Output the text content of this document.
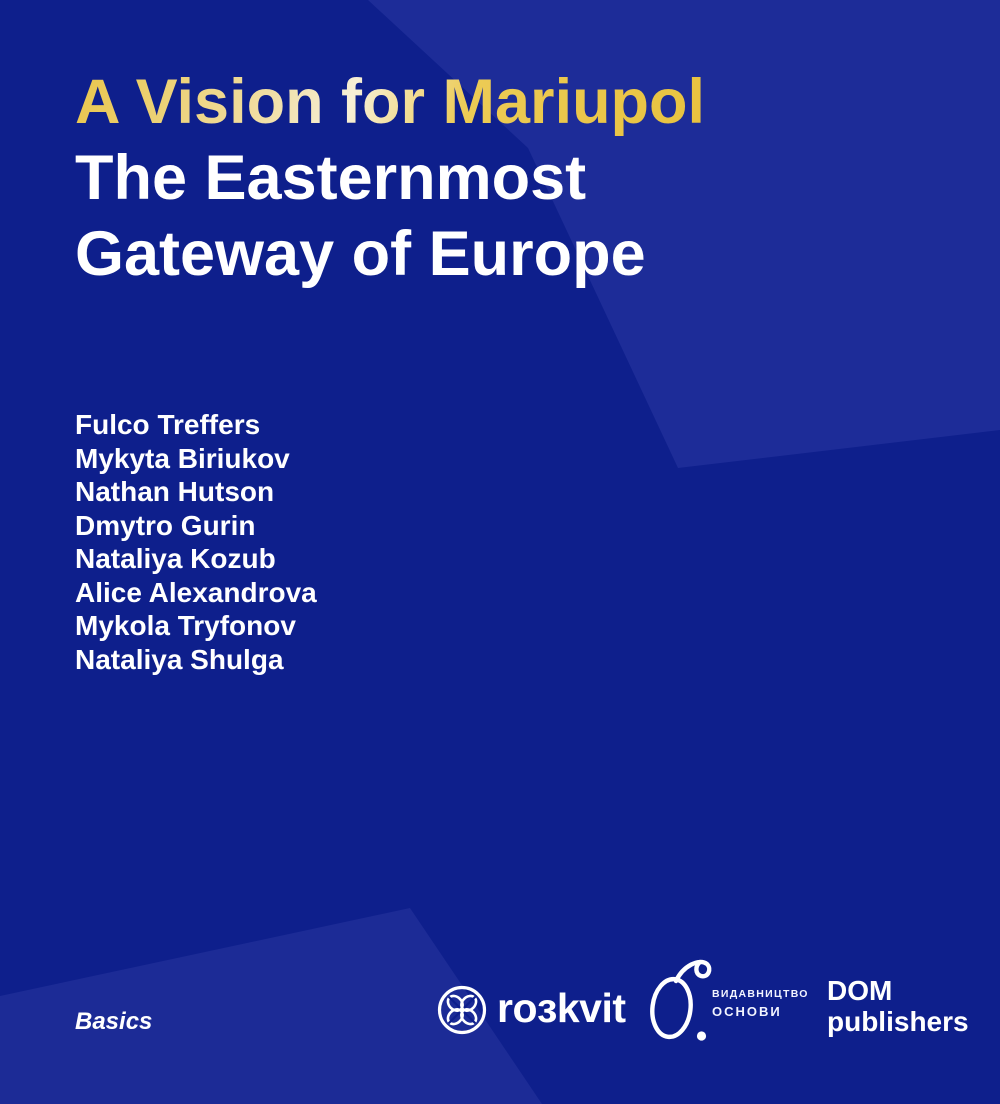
A Vision for Mariupol
The Easternmost
Gateway of Europe
Fulco Treffers
Mykyta Biriukov
Nathan Hutson
Dmytro Gurin
Nataliya Kozub
Alice Alexandrova
Mykola Tryfonov
Nataliya Shulga
Basics	roзkvit	ВИДАВНИЦТВО
ОСНОВИ
DOM
publishers
